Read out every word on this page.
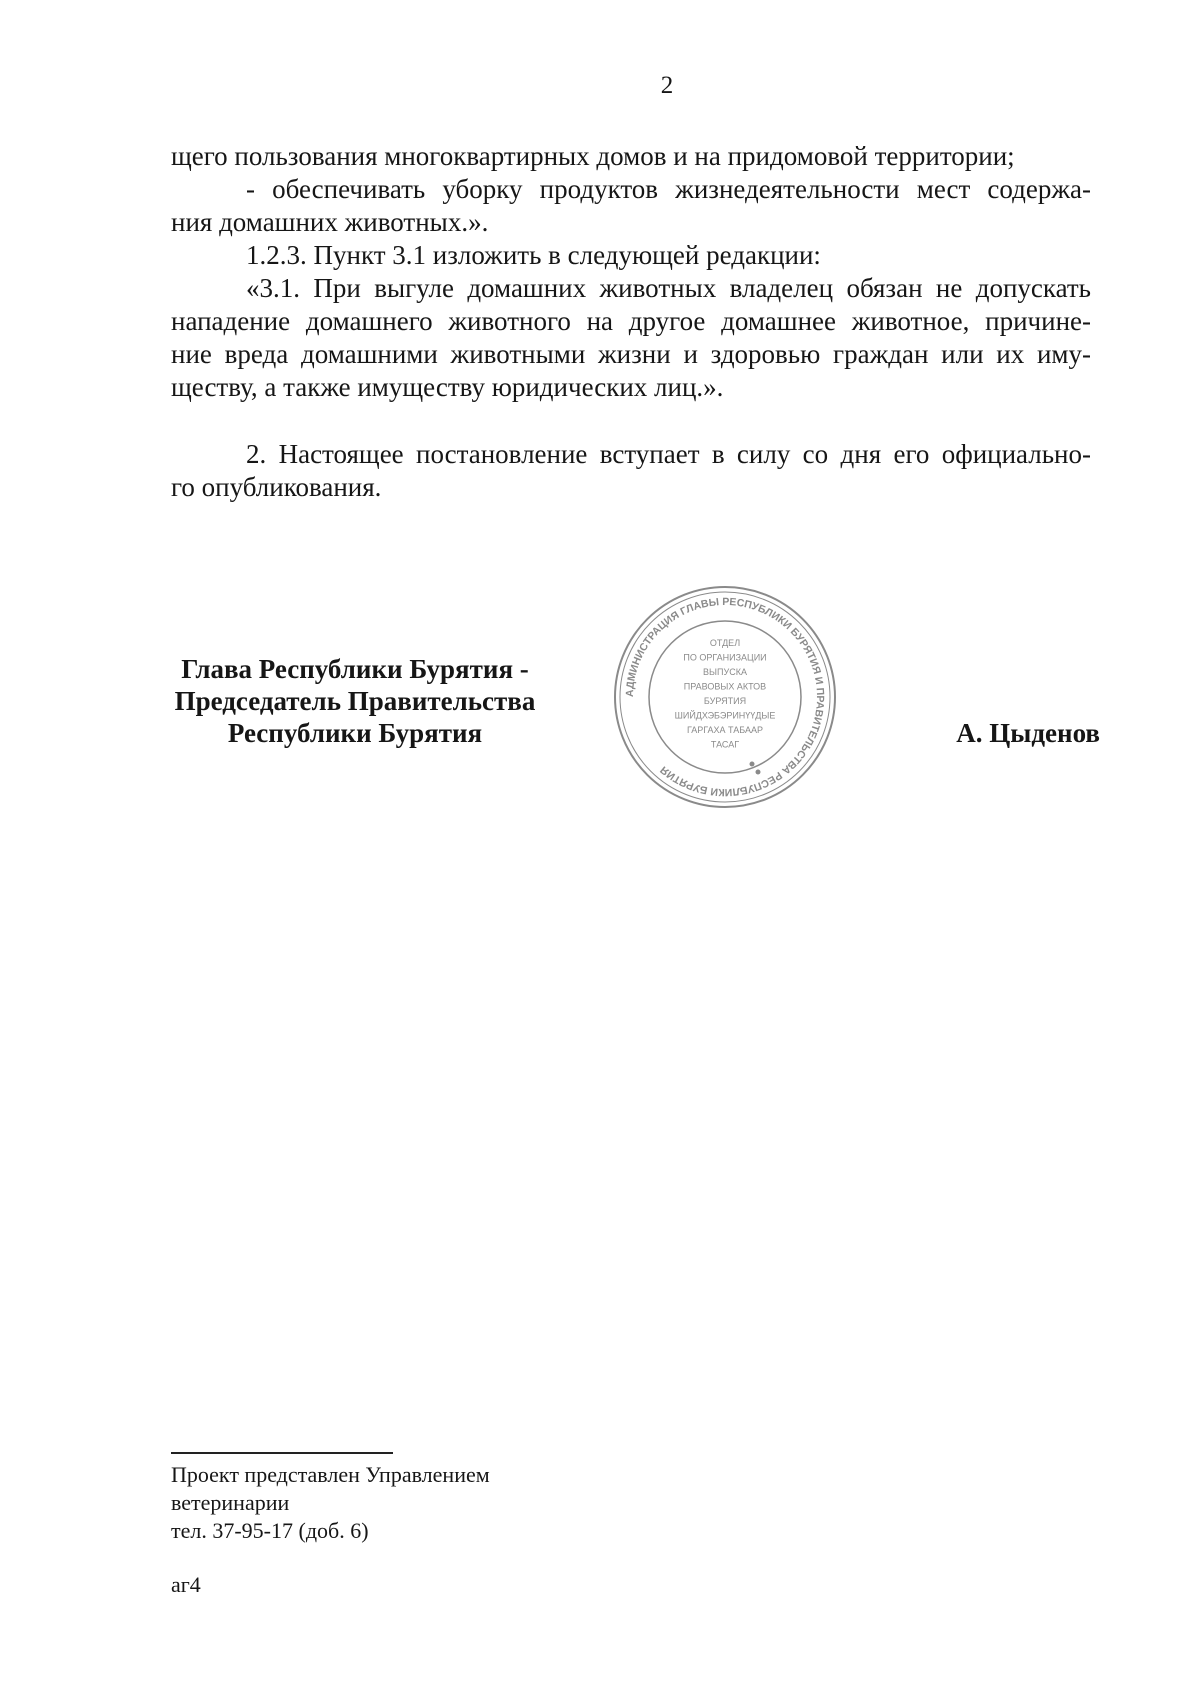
2
щего пользования многоквартирных домов и на придомовой территории;
- обеспечивать уборку продуктов жизнедеятельности мест содержа-
ния домашних животных.».
1.2.3. Пункт 3.1 изложить в следующей редакции:
«3.1. При выгуле домашних животных владелец обязан не допускать
нападение домашнего животного на другое домашнее животное, причине-
ние вреда домашними животными жизни и здоровью граждан или их иму-
ществу, а также имуществу юридических лиц.».
2. Настоящее постановление вступает в силу со дня его официально-
го опубликования.
Глава Республики Бурятия -
Председатель Правительства
Республики Бурятия
АДМИНИСТРАЦИЯ ГЛАВЫ РЕСПУБЛИКИ БУРЯТИЯ И ПРАВИТЕЛЬСТВА РЕСПУБЛИКИ БУРЯТИЯ
ОТДЕЛ
ПО ОРГАНИЗАЦИИ
ВЫПУСКА
ПРАВОВЫХ АКТОВ
БУРЯТИЯ
ШИЙДХЭБЭРИНҮҮДЫЕ
ГАРГАХА ТАБААР
ТАСАГ	А. Цыденов
Проект представлен Управлением
ветеринарии
тел. 37-95-17 (доб. 6)
аг4
